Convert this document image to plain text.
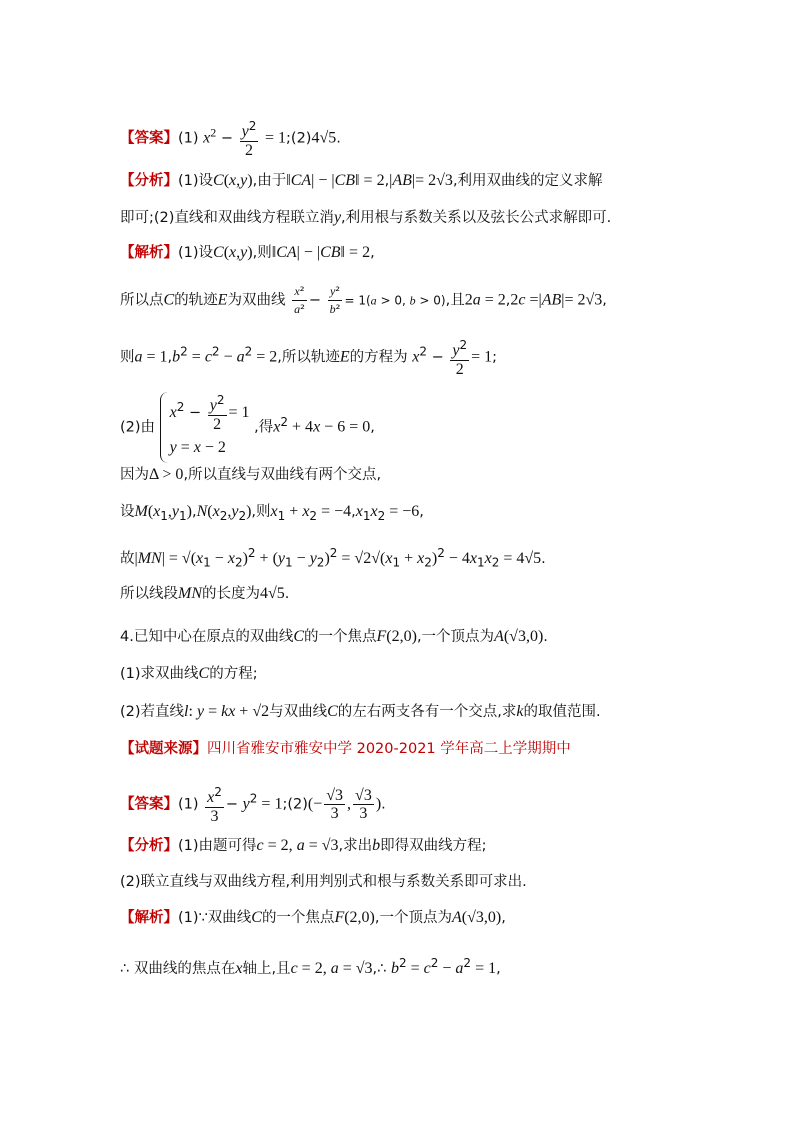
【答案】(1) $x^2 - \frac{y^2}{2}$ = 1;(2)4√5.
【分析】(1)设C(x,y),由于‖CA| − |CB‖ = 2,|AB|= 2√3,利用双曲线的定义求解
即可;(2)直线和双曲线方程联立消y,利用根与系数关系以及弦长公式求解即可.
【解析】(1)设C(x,y),则‖CA| − |CB‖ = 2,
所以点C的轨迹E为双曲线 $\frac{\text{x²}}{\text{a²}} - \frac{\text{y²}}{\text{b²}} = 1(a > 0$, b > 0),且2a = 2,2c =|AB|= 2√3,
则$a = 1,b^2 = c^2 - a^2 = 2$,所以轨迹E的方程为 $x^2 - \frac{y^2}{2} = 1$;
(2)由
$x^2 - \frac{y^2}{2} = 1$
y = x − 2
,得$x^2 + 4x - 6 = 0$,
因为Δ > 0,所以直线与双曲线有两个交点,
设$M(x_1,y_1),N(x_2,y_2)$,则$x_1 + x_2 = -4,x_1x_2 = -6$,
故$|MN| = √(x_1 - x_2)^2 + (y_1 - y_2)^2 = √2√(x_1 + x_2)^2 - 4x_1x_2 = 4√5$.
所以线段MN的长度为4√5.
4.已知中心在原点的双曲线C的一个焦点F(2,0),一个顶点为A(√3,0).
(1)求双曲线C的方程;
(2)若直线l: y = kx + √2与双曲线C的左右两支各有一个交点,求k的取值范围.
【试题来源】四川省雅安市雅安中学 2020-2021 学年高二上学期期中
【答案】$(1) \frac{x^2}{3} - y^2$ = 1;(2)(− $\frac{√3}{3}$ , $\frac{√3}{3}$ ).
【分析】(1)由题可得c = 2, a = √3,求出b即得双曲线方程;
(2)联立直线与双曲线方程,利用判别式和根与系数关系即可求出.
【解析】(1)∵双曲线C的一个焦点F(2,0),一个顶点为A(√3,0),
∴ 双曲线的焦点在x轴上,且c = 2, a = √3,∴ $b^2 = c^2 - a^2 = 1$,
